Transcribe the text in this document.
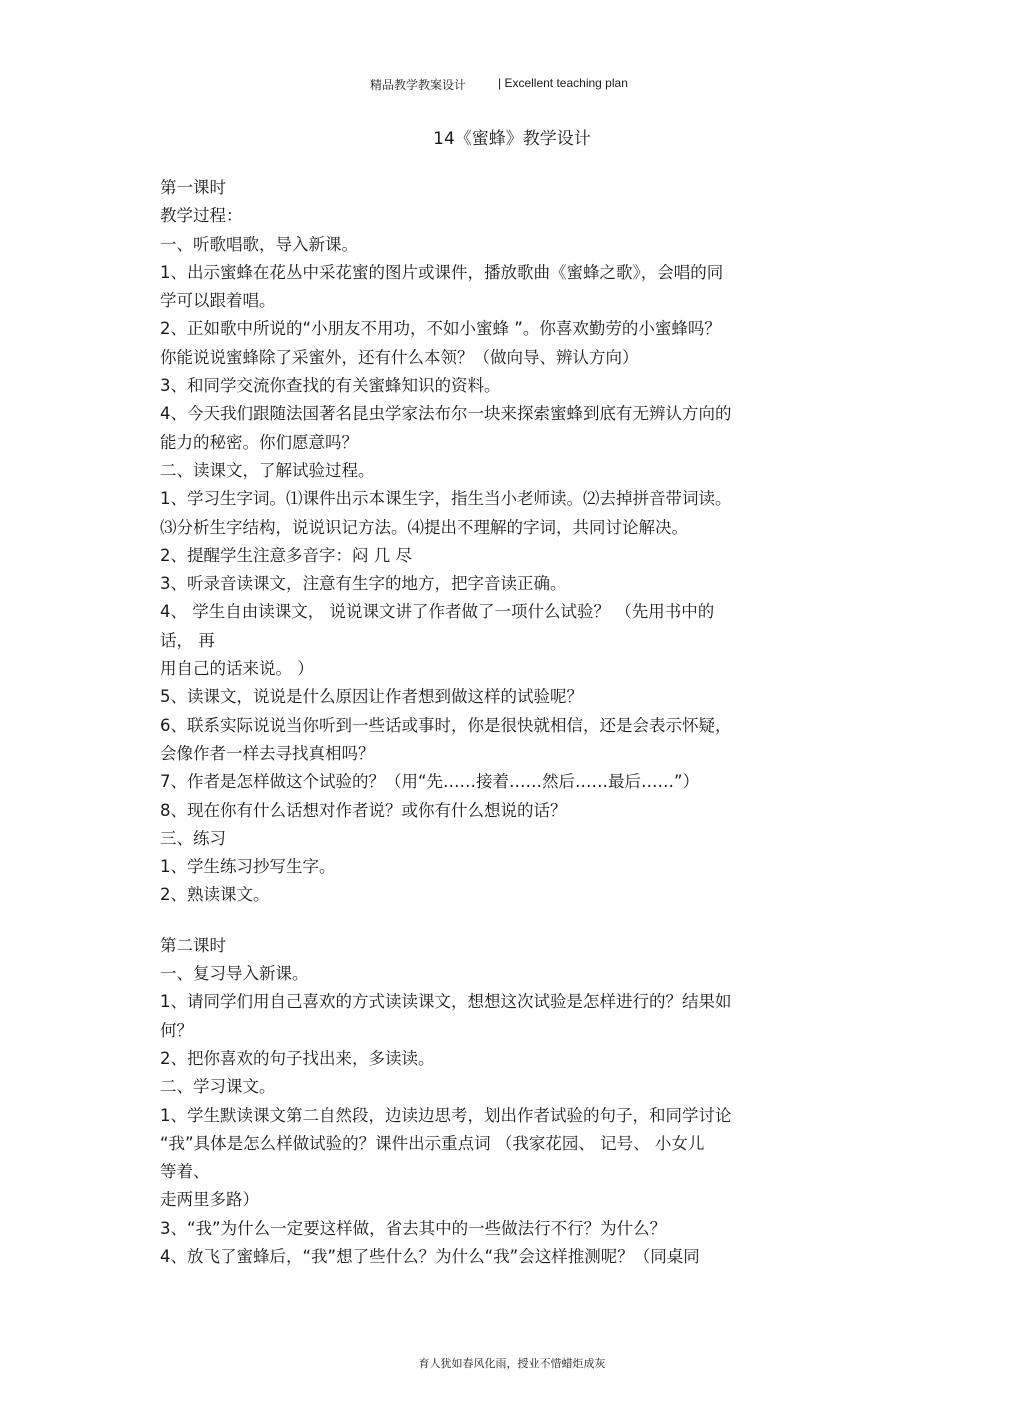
精品教学教案设计	| Excellent teaching plan
14《蜜蜂》教学设计
第一课时
教学过程：
一、听歌唱歌，导入新课。
1、出示蜜蜂在花丛中采花蜜的图片或课件，播放歌曲《蜜蜂之歌》，会唱的同
学可以跟着唱。
2、正如歌中所说的“小朋友不用功，不如小蜜蜂 ”。你喜欢勤劳的小蜜蜂吗？
你能说说蜜蜂除了采蜜外，还有什么本领？（做向导、辨认方向）
3、和同学交流你查找的有关蜜蜂知识的资料。
4、今天我们跟随法国著名昆虫学家法布尔一块来探索蜜蜂到底有无辨认方向的
能力的秘密。你们愿意吗？
二、读课文，了解试验过程。
1、学习生字词。⑴课件出示本课生字，指生当小老师读。⑵去掉拼音带词读。
⑶分析生字结构，说说识记方法。⑷提出不理解的字词，共同讨论解决。
2、提醒学生注意多音字：闷 几 尽
3、听录音读课文，注意有生字的地方，把字音读正确。
4、 学生自由读课文， 说说课文讲了作者做了一项什么试验？ （先用书中的
话， 再
用自己的话来说。 ）
5、读课文，说说是什么原因让作者想到做这样的试验呢？
6、联系实际说说当你听到一些话或事时，你是很快就相信，还是会表示怀疑，
会像作者一样去寻找真相吗？
7、作者是怎样做这个试验的？（用“先……接着……然后……最后……”）
8、现在你有什么话想对作者说？或你有什么想说的话？
三、练习
1、学生练习抄写生字。
2、熟读课文。
第二课时
一、复习导入新课。
1、请同学们用自己喜欢的方式读读课文，想想这次试验是怎样进行的？结果如
何？
2、把你喜欢的句子找出来，多读读。
二、学习课文。
1、学生默读课文第二自然段，边读边思考，划出作者试验的句子，和同学讨论
“我”具体是怎么样做试验的？课件出示重点词 （我家花园、 记号、 小女儿
等着、
走两里多路）
3、“我”为什么一定要这样做，省去其中的一些做法行不行？为什么？
4、放飞了蜜蜂后，“我”想了些什么？为什么“我”会这样推测呢？（同桌同
育人犹如春风化雨，授业不惜蜡炬成灰
